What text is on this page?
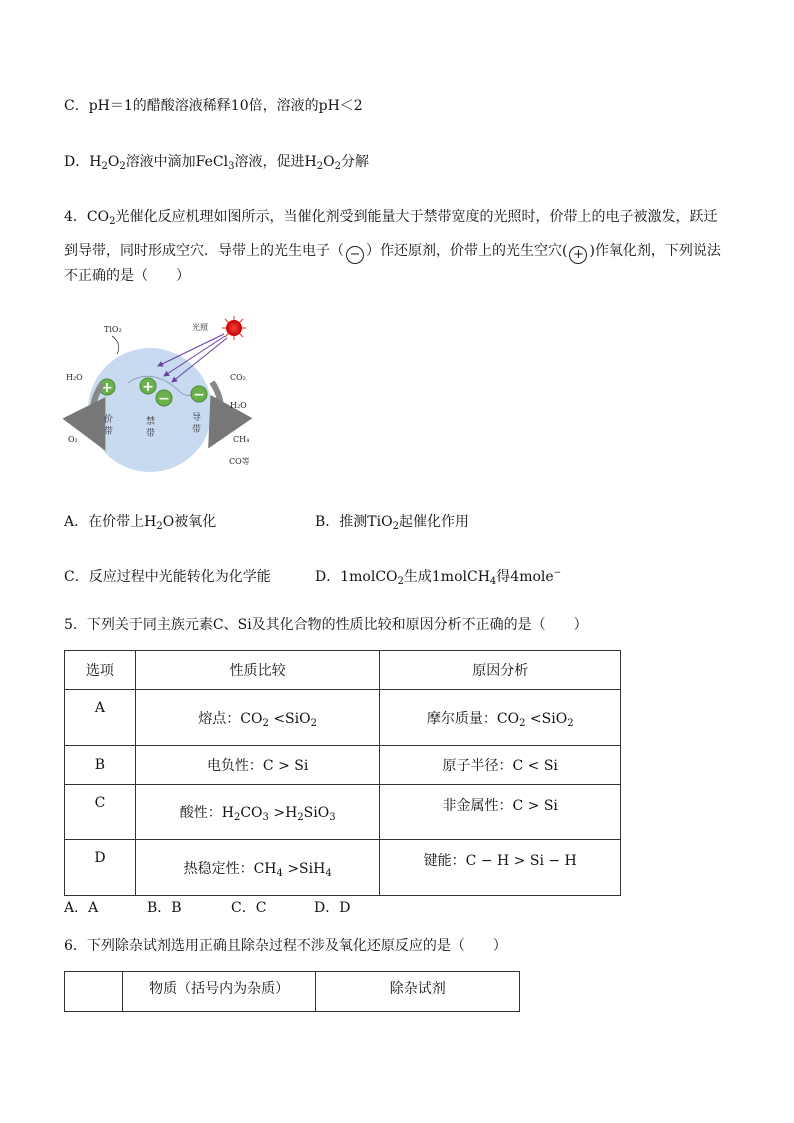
C．pH＝1的醋酸溶液稀释10倍，溶液的pH＜2
D．$H_2O_2$溶液中滴加FeCl$_3$溶液，促进$H_2O_2$分解
4．$CO_2$光催化反应机理如图所示，当催化剂受到能量大于禁带宽度的光照时，价带上的电子被激发，跃迁
到导带，同时形成空穴．导带上的光生电子（ − ）作还原剂，价带上的光生空穴( + )作氧化剂，下列说法
不正确的是（　　）
+ +
− −
TiO₂	光照
H₂O
O₂
CO₂
H₂O
CH₄
CO等
价
带
禁
带
导
带
A．在价带上$H_2O$被氧化	B．推测TiO$_2$起催化作用
C．反应过程中光能转化为化学能	D．1molCO$_2$生成1molCH$_4$得4mole−
5．下列关于同主族元素C、Si及其化合物的性质比较和原因分析不正确的是（　　）
选项	性质比较	原因分析
A	熔点：$CO_2 <SiO_2$	摩尔质量：$CO_2 <SiO_2$
B	电负性：C > Si	原子半径：C < Si
C	酸性：$H_2CO_3 >H_2SiO_3$	非金属性：C > Si
D	热稳定性：$CH_4 >SiH_4$	键能：C − H > Si − H
A．A	B．B	C．C	D．D
6．下列除杂试剂选用正确且除杂过程不涉及氧化还原反应的是（　　）
	物质（括号内为杂质）	除杂试剂
